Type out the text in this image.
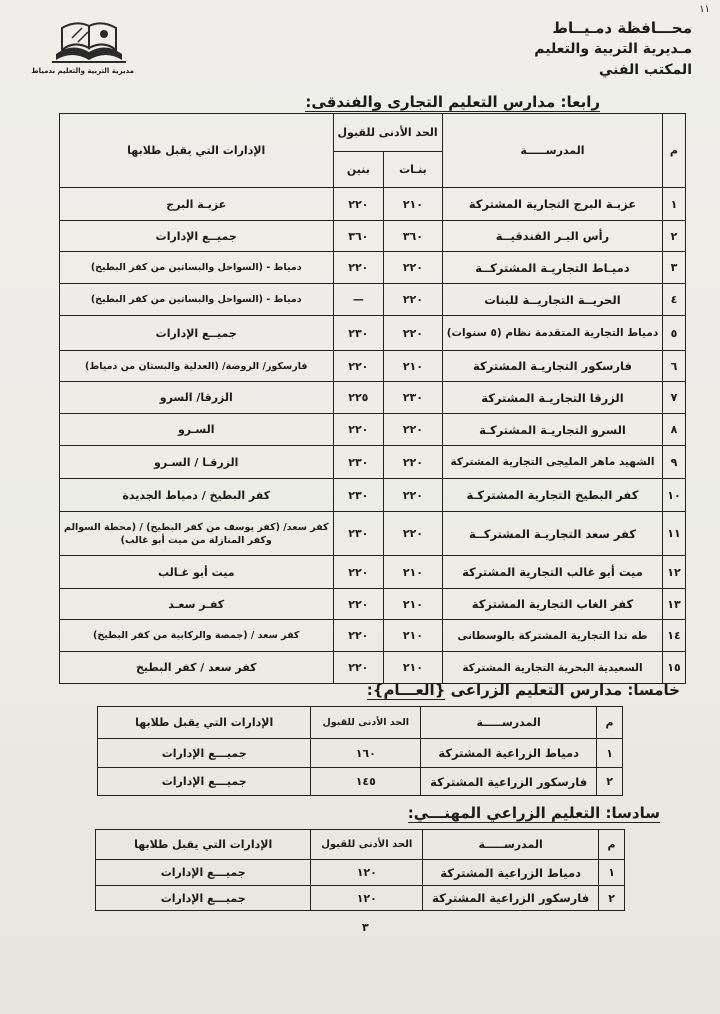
١١
محـــافظة دمـيــاط
مـديرية التربية والتعليم
المكتب الفني
مديرية التربية والتعليم بدمياط
رابعا: مدارس التعليم التجارى والفندقى:
م	المدرســـــة	الحد الأدنى للقبول		الإدارات التي يقبل طلابها
		بنـات	بنين	
١	عزبـة البرج التجارية المشتركة	٢١٠	٢٢٠	عزبـة البرج
٢	رأس البـر الفندقيــة	٣٦٠	٣٦٠	جميــع الإدارات
٣	دميـاط التجاريـة المشتركــة	٢٢٠	٢٢٠	دمياط - (السواحل والبساتين من كفر البطيخ)
٤	الحريــة التجاريــة للبنات	٢٢٠	—	دمياط - (السواحل والبساتين من كفر البطيخ)
٥	دمياط التجارية المتقدمة نظام (٥ سنوات)	٢٢٠	٢٣٠	جميــع الإدارات
٦	فارسكور التجاريـة المشتركة	٢١٠	٢٢٠	فارسكور/ الروضة/ (العدلية والبستان من دمياط)
٧	الزرقا التجاريـة المشتركة	٢٣٠	٢٢٥	الزرقا/ السرو
٨	السرو التجاريـة المشتركـة	٢٢٠	٢٢٠	السـرو
٩	الشهيد ماهر المليجى التجارية المشتركة	٢٢٠	٢٣٠	الزرقـا / السـرو
١٠	كفر البطيخ التجارية المشتركـة	٢٢٠	٢٣٠	كفر البطيخ / دمياط الجديدة
١١	كفر سعد التجاريـة المشتركــة	٢٢٠	٢٣٠	كفر سعد/ (كفر يوسف من كفر البطيخ) / (محطة السوالم
وكفر المنازلة من ميت أبو غالب)

١٢	ميت أبو غالب التجارية المشتركة	٢١٠	٢٢٠	ميت أبو غـالب
١٣	كفر الغاب التجارية المشتركة	٢١٠	٢٢٠	كفـر سعـد
١٤	طه ندا التجارية المشتركة بالوسطانى	٢١٠	٢٢٠	كفر سعد / (جمصة والركابية من كفر البطيخ)
١٥	السعيدية البحرية التجارية المشتركة	٢١٠	٢٢٠	كفر سعد / كفر البطيخ
خامسا: مدارس التعليم الزراعى {العـــام}:
م	المدرســـــة	الحد الأدنى للقبول	الإدارات التي يقبل طلابها
١	دمياط الزراعية المشتركة	١٦٠	جميـــع الإدارات
٢	فارسكور الزراعية المشتركة	١٤٥	جميـــع الإدارات
سادسا: التعليم الزراعي المهنـــي:
م	المدرســـــة	الحد الأدنى للقبول	الإدارات التي يقبل طلابها
١	دمياط الزراعية المشتركة	١٢٠	جميـــع الإدارات
٢	فارسكور الزراعية المشتركة	١٢٠	جميـــع الإدارات
٣
